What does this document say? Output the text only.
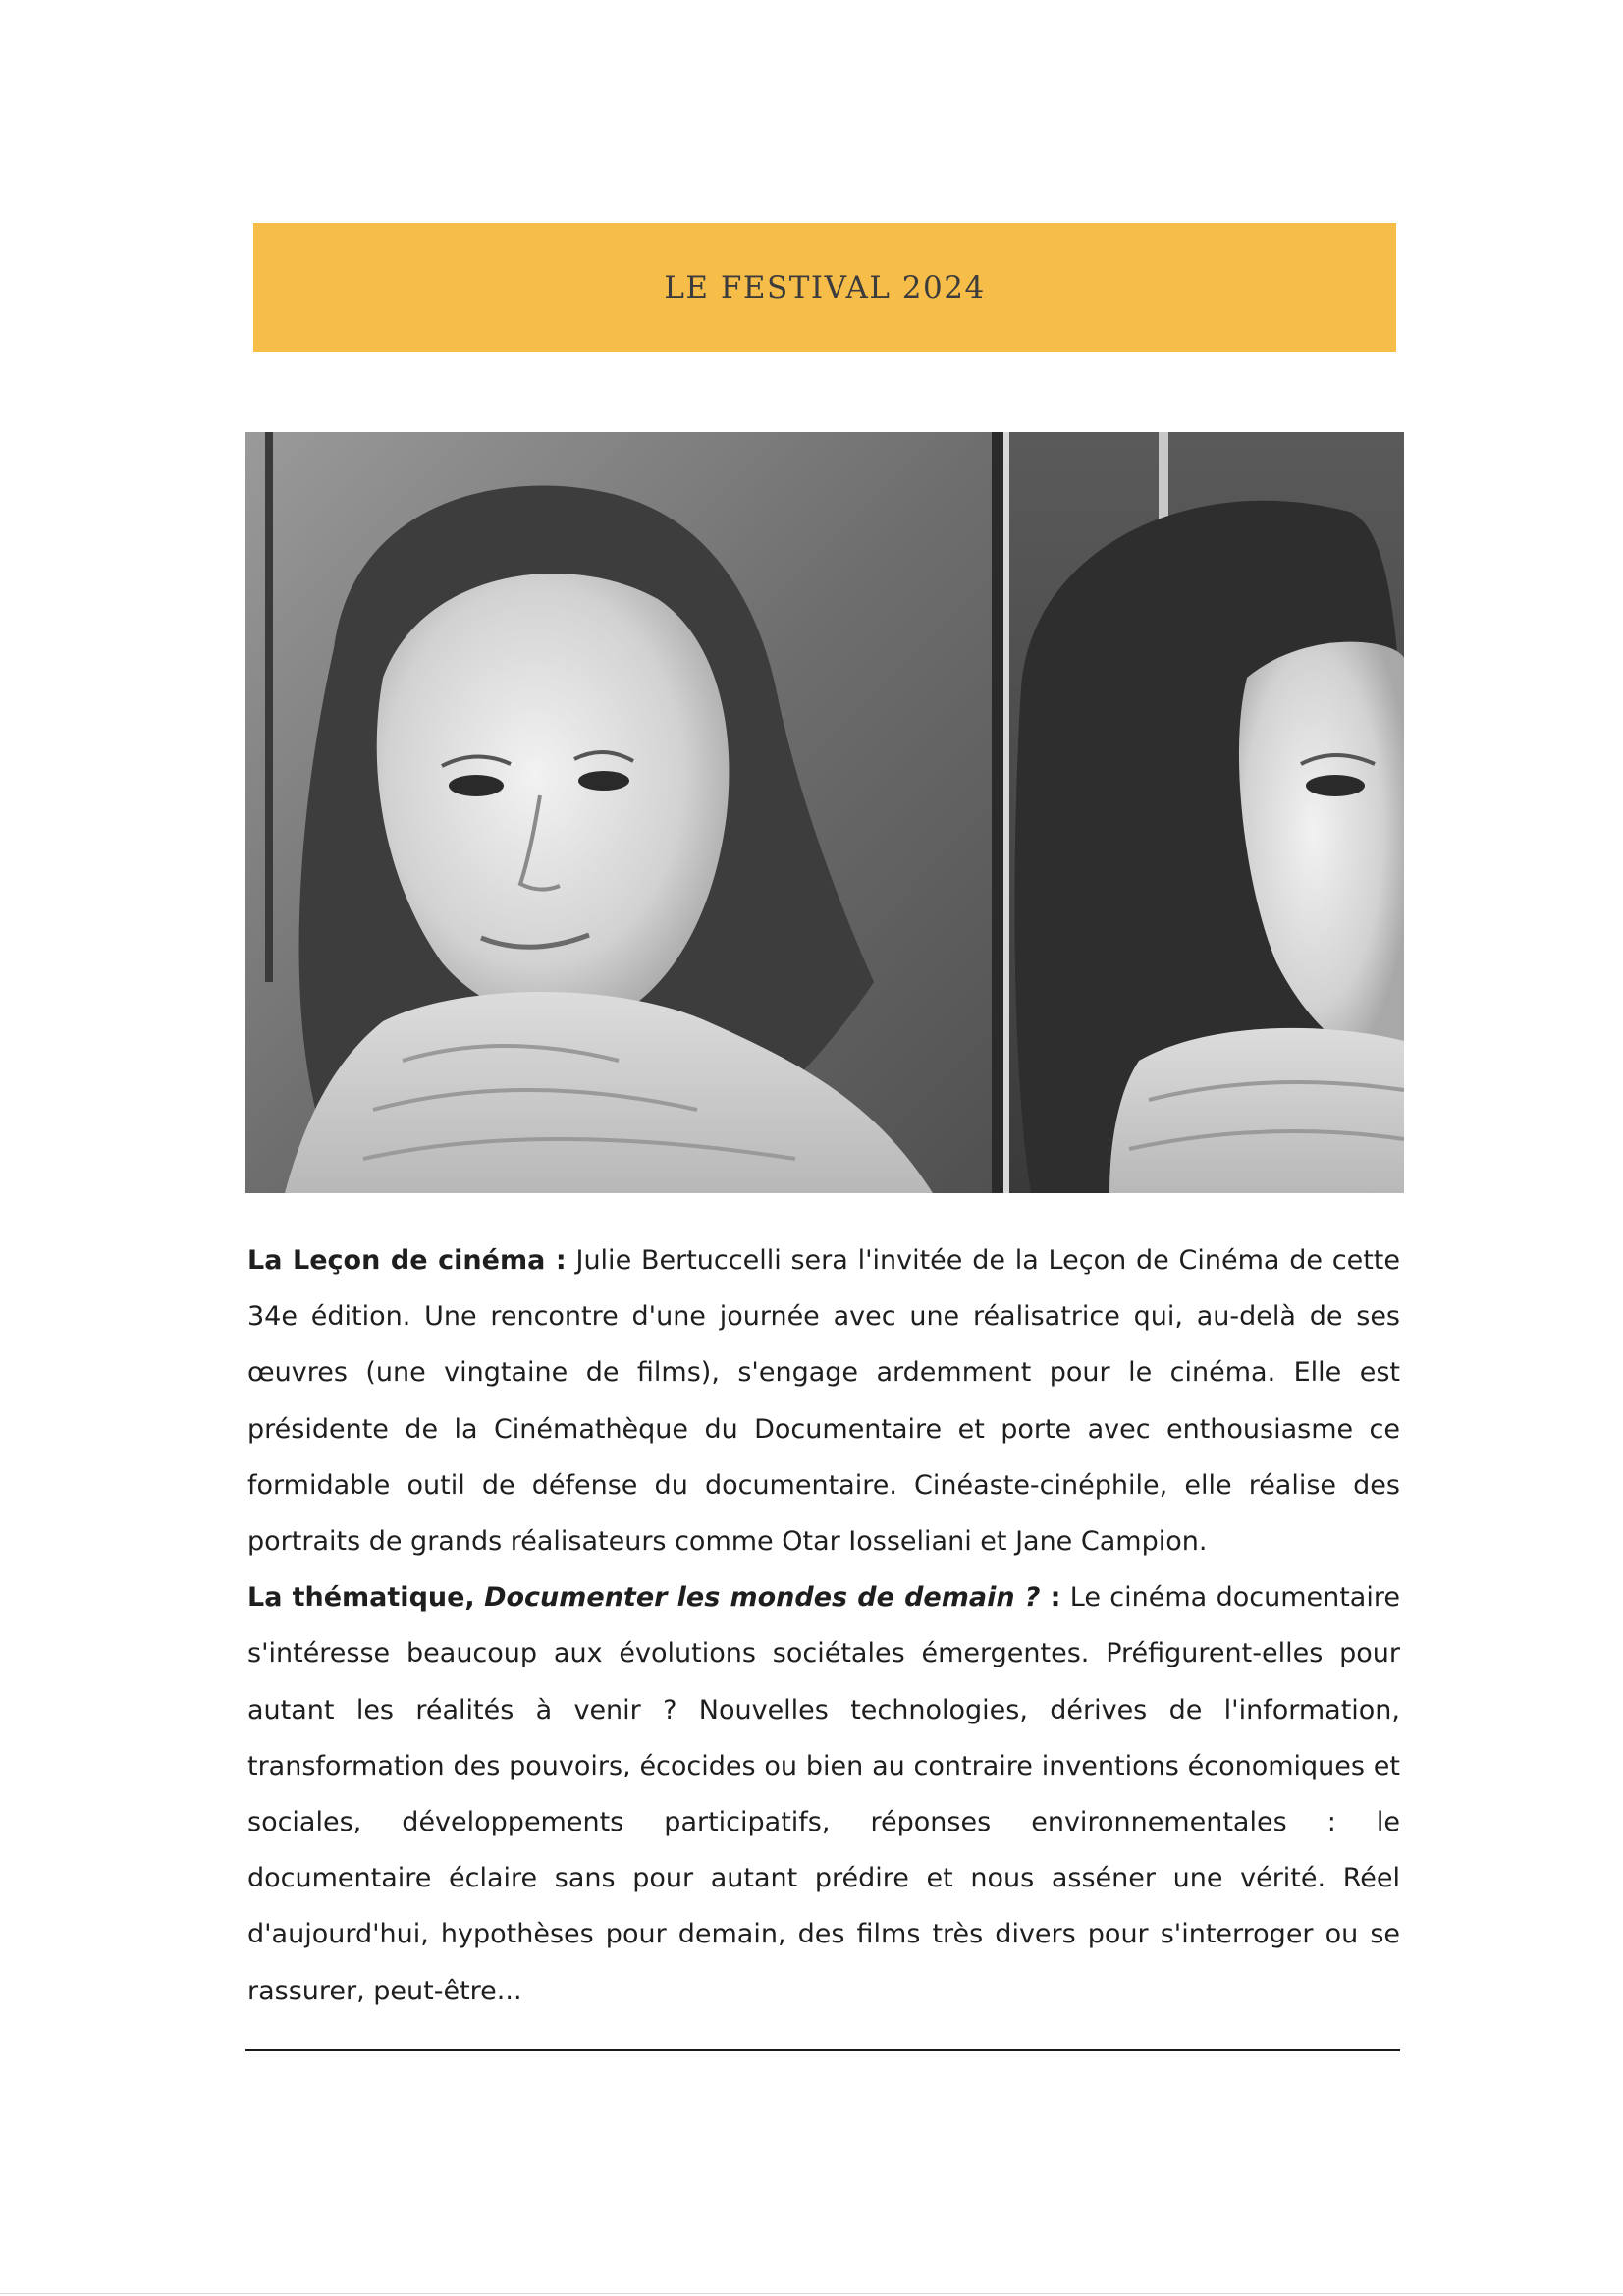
LE FESTIVAL 2024

La Leçon de cinéma : Julie Bertuccelli sera l'invitée de la Leçon de Cinéma de cette 34e édition. Une rencontre d'une journée avec une réalisatrice qui, au-delà de ses œuvres (une vingtaine de films), s'engage ardemment pour le cinéma. Elle est présidente de la Cinémathèque du Documentaire et porte avec enthousiasme ce formidable outil de défense du documentaire. Cinéaste-cinéphile, elle réalise des portraits de grands réalisateurs comme Otar Iosseliani et Jane Campion.

La thématique, Documenter les mondes de demain ? : Le cinéma documentaire s'intéresse beaucoup aux évolutions sociétales émergentes. Préfigurent-elles pour autant les réalités à venir ? Nouvelles technologies, dérives de l'information, transformation des pouvoirs, écocides ou bien au contraire inventions économiques et sociales, développements participatifs, réponses environnementales : le documentaire éclaire sans pour autant prédire et nous asséner une vérité. Réel d'aujourd'hui, hypothèses pour demain, des films très divers pour s'interroger ou se rassurer, peut-être...
